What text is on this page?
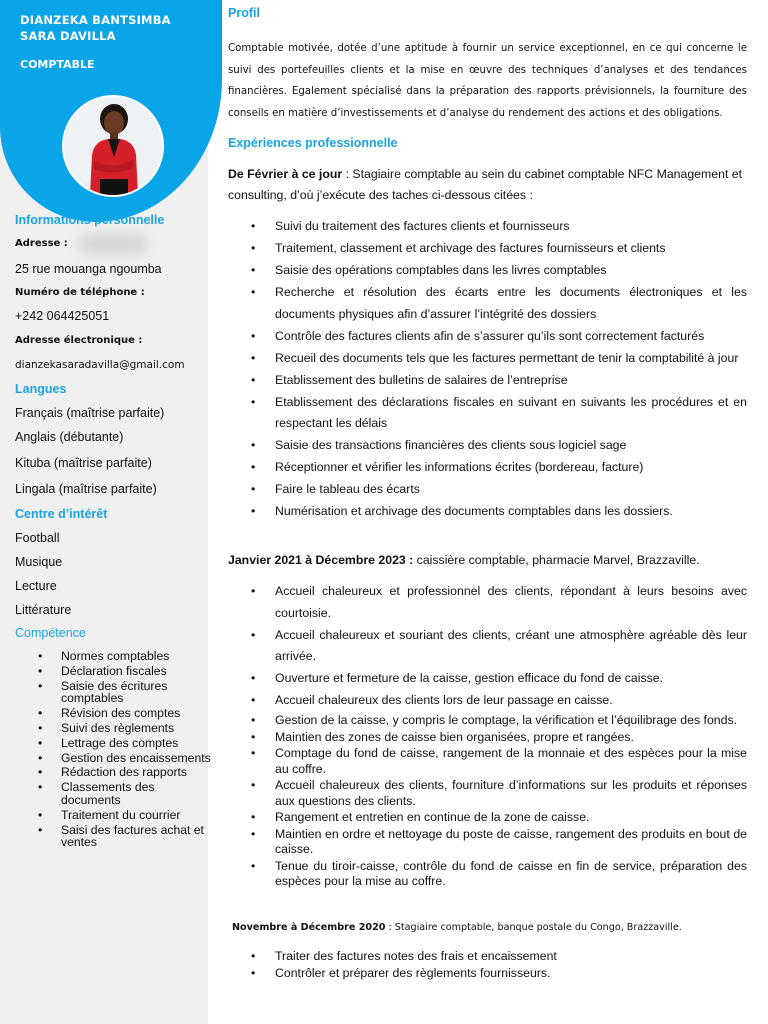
DIANZEKA BANTSIMBA SARA DAVILLA
COMPTABLE
Informations personnelle
Adresse :
25 rue mouanga ngoumba
Numéro de téléphone :
+242 064425051
Adresse électronique :
dianzekasaradavilla@gmail.com
Langues
Français (maîtrise parfaite)
Anglais (débutante)
Kituba (maîtrise parfaite)
Lingala (maîtrise parfaite)
Centre d’intérêt
Football
Musique
Lecture
Littérature
Compétence
• Normes comptables
• Déclaration fiscales
• Saisie des écritures comptables
• Révision des comptes
• Suivi des règlements
• Lettrage des comptes
• Gestion des encaissements
• Rédaction des rapports
• Classements des documents
• Traitement du courrier
• Saisi des factures achat et ventes
Profil
Comptable motivée, dotée d’une aptitude à fournir un service exceptionnel, en ce qui concerne le suivi des portefeuilles clients et la mise en œuvre des techniques d’analyses et des tendances financières. Egalement spécialisé dans la préparation des rapports prévisionnels, la fourniture des conseils en matière d’investissements et d’analyse du rendement des actions et des obligations.
Expériences professionnelle
De Février à ce jour : Stagiaire comptable au sein du cabinet comptable NFC Management et consulting, d’où j’exécute des taches ci-dessous citées :
• Suivi du traitement des factures clients et fournisseurs
• Traitement, classement et archivage des factures fournisseurs et clients
• Saisie des opérations comptables dans les livres comptables
• Recherche et résolution des écarts entre les documents électroniques et les documents physiques afin d’assurer l’intégrité des dossiers
• Contrôle des factures clients afin de s’assurer qu’ils sont correctement facturés
• Recueil des documents tels que les factures permettant de tenir la comptabilité à jour
• Etablissement des bulletins de salaires de l’entreprise
• Etablissement des déclarations fiscales en suivant en suivants les procédures et en respectant les délais
• Saisie des transactions financières des clients sous logiciel sage
• Réceptionner et vérifier les informations écrites (bordereau, facture)
• Faire le tableau des écarts
• Numérisation et archivage des documents comptables dans les dossiers.
Janvier 2021 à Décembre 2023 : caissière comptable, pharmacie Marvel, Brazzaville.
• Accueil chaleureux et professionnel des clients, répondant à leurs besoins avec courtoisie.
• Accueil chaleureux et souriant des clients, créant une atmosphère agréable dès leur arrivée.
• Ouverture et fermeture de la caisse, gestion efficace du fond de caisse.
• Accueil chaleureux des clients lors de leur passage en caisse.
• Gestion de la caisse, y compris le comptage, la vérification et l’équilibrage des fonds.
• Maintien des zones de caisse bien organisées, propre et rangées.
• Comptage du fond de caisse, rangement de la monnaie et des espèces pour la mise au coffre.
• Accueil chaleureux des clients, fourniture d’informations sur les produits et réponses aux questions des clients.
• Rangement et entretien en continue de la zone de caisse.
• Maintien en ordre et nettoyage du poste de caisse, rangement des produits en bout de caisse.
• Tenue du tiroir-caisse, contrôle du fond de caisse en fin de service, préparation des espèces pour la mise au coffre.
Novembre à Décembre 2020 : Stagiaire comptable, banque postale du Congo, Brazzaville.
• Traiter des factures notes des frais et encaissement
• Contrôler et préparer des règlements fournisseurs.
